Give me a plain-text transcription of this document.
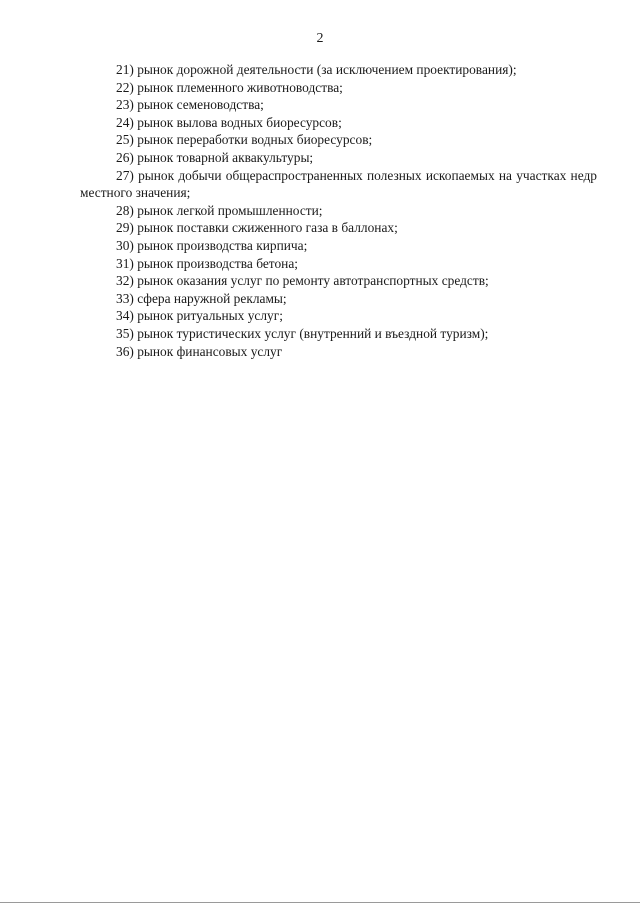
2
21) рынок дорожной деятельности (за исключением проектирования);
22) рынок племенного животноводства;
23) рынок семеноводства;
24) рынок вылова водных биоресурсов;
25) рынок переработки водных биоресурсов;
26) рынок товарной аквакультуры;
27) рынок добычи общераспространенных полезных ископаемых на участках недр местного значения;
28) рынок легкой промышленности;
29) рынок поставки сжиженного газа в баллонах;
30) рынок производства кирпича;
31) рынок производства бетона;
32) рынок оказания услуг по ремонту автотранспортных средств;
33) сфера наружной рекламы;
34) рынок ритуальных услуг;
35) рынок туристических услуг (внутренний и въездной туризм);
36) рынок финансовых услуг
